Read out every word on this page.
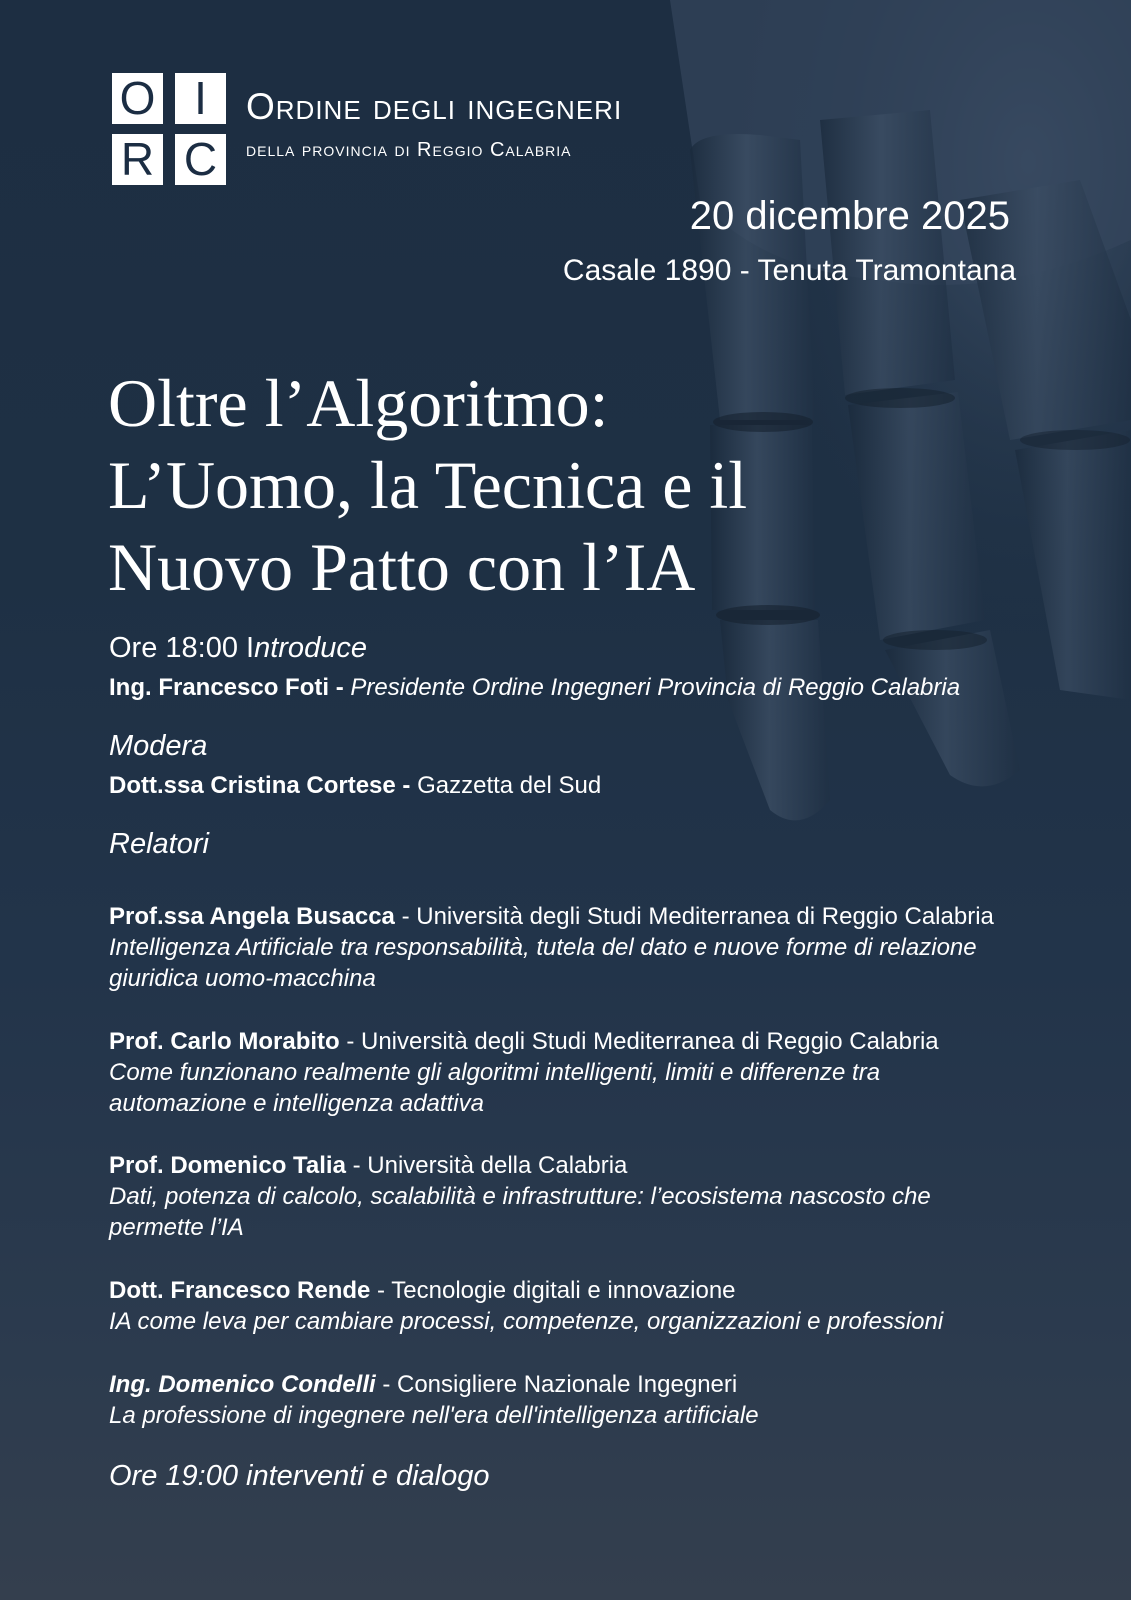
O I
R C
Ordine degli ingegneri
della provincia di Reggio Calabria
20 dicembre 2025
Casale 1890 - Tenuta Tramontana
Oltre l’Algoritmo:
L’Uomo, la Tecnica e il
Nuovo Patto con l’IA
Ore 18:00 Introduce
Ing. Francesco Foti - Presidente Ordine Ingegneri Provincia di Reggio Calabria
Modera
Dott.ssa Cristina Cortese - Gazzetta del Sud
Relatori
Prof.ssa Angela Busacca - Università degli Studi Mediterranea di Reggio Calabria
Intelligenza Artificiale tra responsabilità, tutela del dato e nuove forme di relazione
giuridica uomo-macchina
Prof. Carlo Morabito - Università degli Studi Mediterranea di Reggio Calabria
Come funzionano realmente gli algoritmi intelligenti, limiti e differenze tra
automazione e intelligenza adattiva
Prof. Domenico Talia - Università della Calabria
Dati, potenza di calcolo, scalabilità e infrastrutture: l’ecosistema nascosto che
permette l’IA
Dott. Francesco Rende - Tecnologie digitali e innovazione
IA come leva per cambiare processi, competenze, organizzazioni e professioni
Ing. Domenico Condelli - Consigliere Nazionale Ingegneri
La professione di ingegnere nell'era dell'intelligenza artificiale
Ore 19:00 interventi e dialogo
